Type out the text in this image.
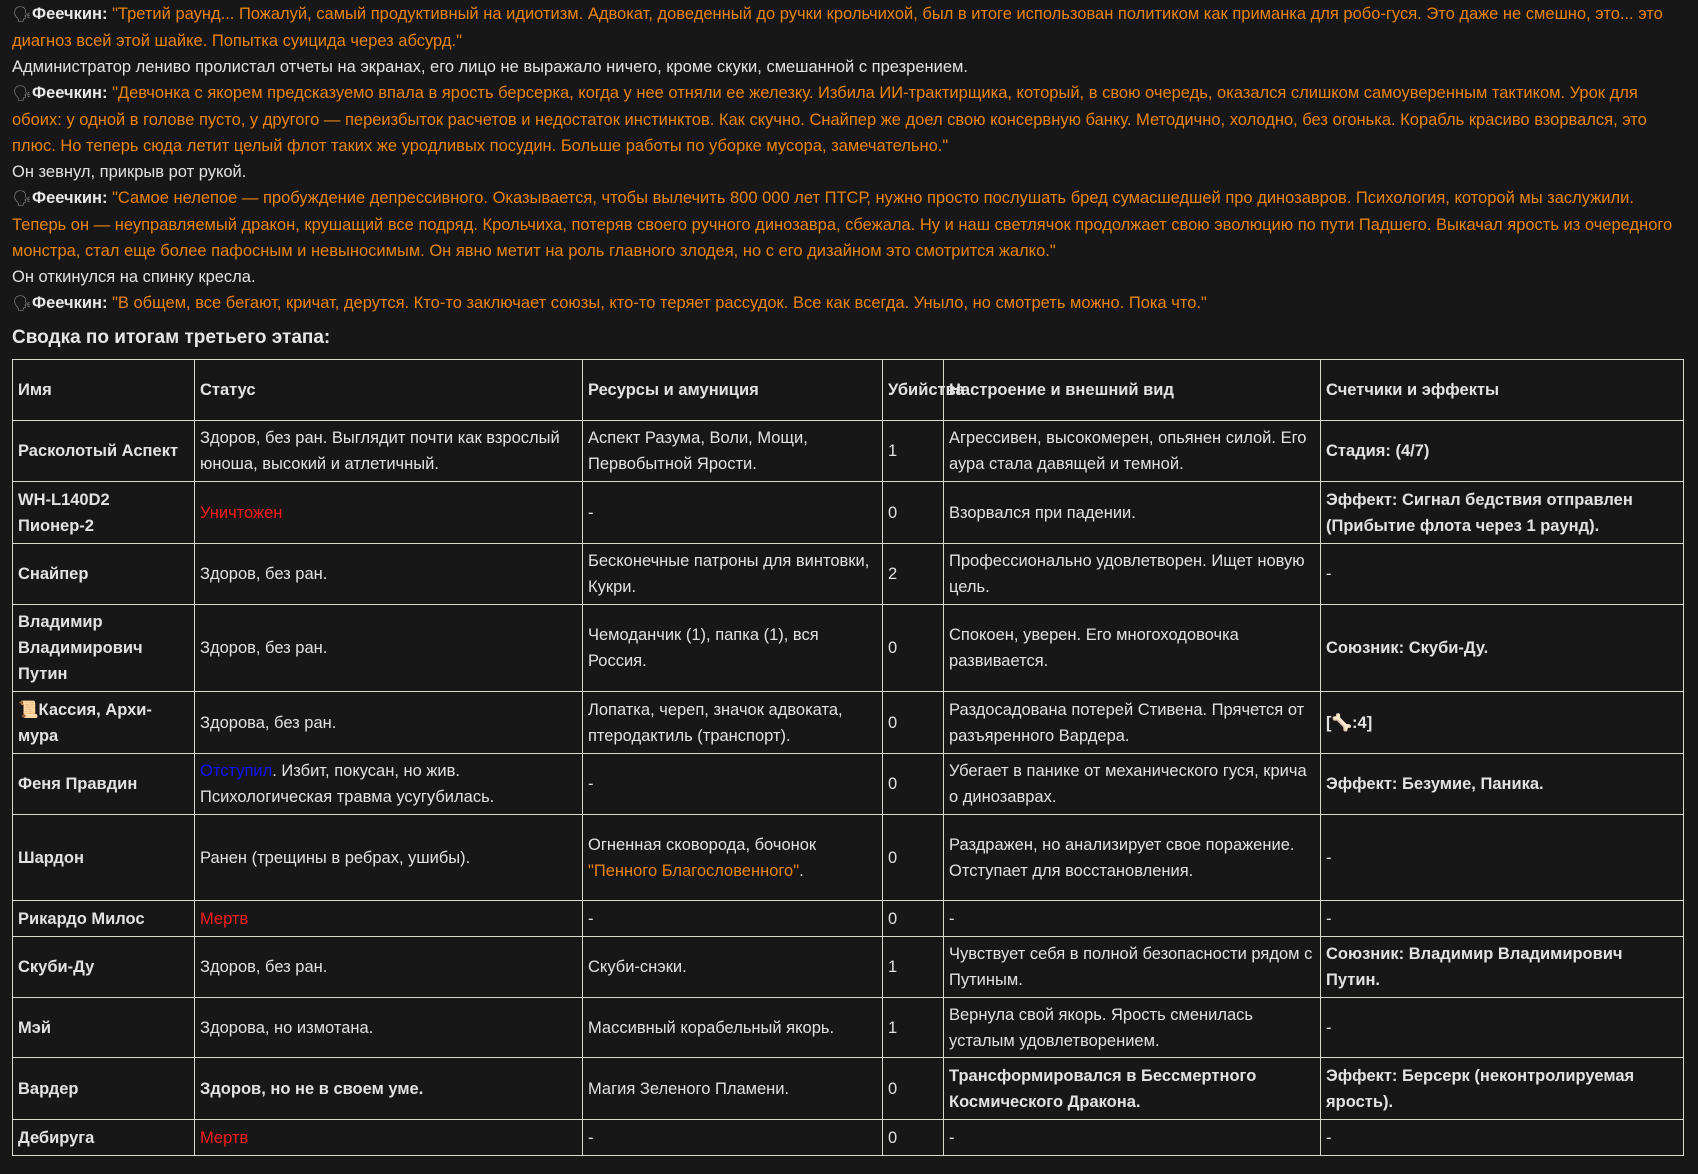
🗣Феечкин: "Третий раунд... Пожалуй, самый продуктивный на идиотизм. Адвокат, доведенный до ручки крольчихой, был в итоге использован политиком как приманка для робо-гуся. Это даже не смешно, это... это диагноз всей этой шайке. Попытка суицида через абсурд."

Администратор лениво пролистал отчеты на экранах, его лицо не выражало ничего, кроме скуки, смешанной с презрением.

🗣Феечкин: "Девчонка с якорем предсказуемо впала в ярость берсерка, когда у нее отняли ее железку. Избила ИИ-трактирщика, который, в свою очередь, оказался слишком самоуверенным тактиком. Урок для обоих: у одной в голове пусто, у другого — переизбыток расчетов и недостаток инстинктов. Как скучно. Снайпер же доел свою консервную банку. Методично, холодно, без огонька. Корабль красиво взорвался, это плюс. Но теперь сюда летит целый флот таких же уродливых посудин. Больше работы по уборке мусора, замечательно."

Он зевнул, прикрыв рот рукой.

🗣Феечкин: "Самое нелепое — пробуждение депрессивного. Оказывается, чтобы вылечить 800 000 лет ПТСР, нужно просто послушать бред сумасшедшей про динозавров. Психология, которой мы заслужили. Теперь он — неуправляемый дракон, крушащий все подряд. Крольчиха, потеряв своего ручного динозавра, сбежала. Ну и наш светлячок продолжает свою эволюцию по пути Падшего. Выкачал ярость из очередного монстра, стал еще более пафосным и невыносимым. Он явно метит на роль главного злодея, но с его дизайном это смотрится жалко."

Он откинулся на спинку кресла.

🗣Феечкин: "В общем, все бегают, кричат, дерутся. Кто-то заключает союзы, кто-то теряет рассудок. Все как всегда. Уныло, но смотреть можно. Пока что."

Сводка по итогам третьего этапа:
Имя	Статус	Ресурсы и амуниция	Убийства	Настроение и внешний вид	Счетчики и эффекты
Расколотый Аспект	Здоров, без ран. Выглядит почти как взрослый юноша, высокий и атлетичный.	Аспект Разума, Воли, Мощи, Первобытной Ярости.	1	Агрессивен, высокомерен, опьянен силой. Его аура стала давящей и темной.	Стадия: (4/7)
WH-L140D2 Пионер-2	Уничтожен	-	0	Взорвался при падении.	Эффект: Сигнал бедствия отправлен (Прибытие флота через 1 раунд).
Снайпер	Здоров, без ран.	Бесконечные патроны для винтовки, Кукри.	2	Профессионально удовлетворен. Ищет новую цель.	-
Владимир Владимирович Путин	Здоров, без ран.	Чемоданчик (1), папка (1), вся Россия.	0	Спокоен, уверен. Его многоходовочка развивается.	Союзник: Скуби-Ду.
📜Кассия, Архи-мура	Здорова, без ран.	Лопатка, череп, значок адвоката, птеродактиль (транспорт).	0	Раздосадована потерей Стивена. Прячется от разъяренного Вардера.	[🦴:4]
Феня Правдин	Отступил. Избит, покусан, но жив. Психологическая травма усугубилась.	-	0	Убегает в панике от механического гуся, крича о динозаврах.	Эффект: Безумие, Паника.
Шардон	Ранен (трещины в ребрах, ушибы).	Огненная сковорода, бочонок "Пенного Благословенного".	0	Раздражен, но анализирует свое поражение. Отступает для восстановления.	-
Рикардо Милос	Мертв	-	0	-	-
Скуби-Ду	Здоров, без ран.	Скуби-снэки.	1	Чувствует себя в полной безопасности рядом с Путиным.	Союзник: Владимир Владимирович Путин.
Мэй	Здорова, но измотана.	Массивный корабельный якорь.	1	Вернула свой якорь. Ярость сменилась усталым удовлетворением.	-
Вардер	Здоров, но не в своем уме.	Магия Зеленого Пламени.	0	Трансформировался в Бессмертного Космического Дракона.	Эффект: Берсерк (неконтролируемая ярость).
Дебируга	Мертв	-	0	-	-
